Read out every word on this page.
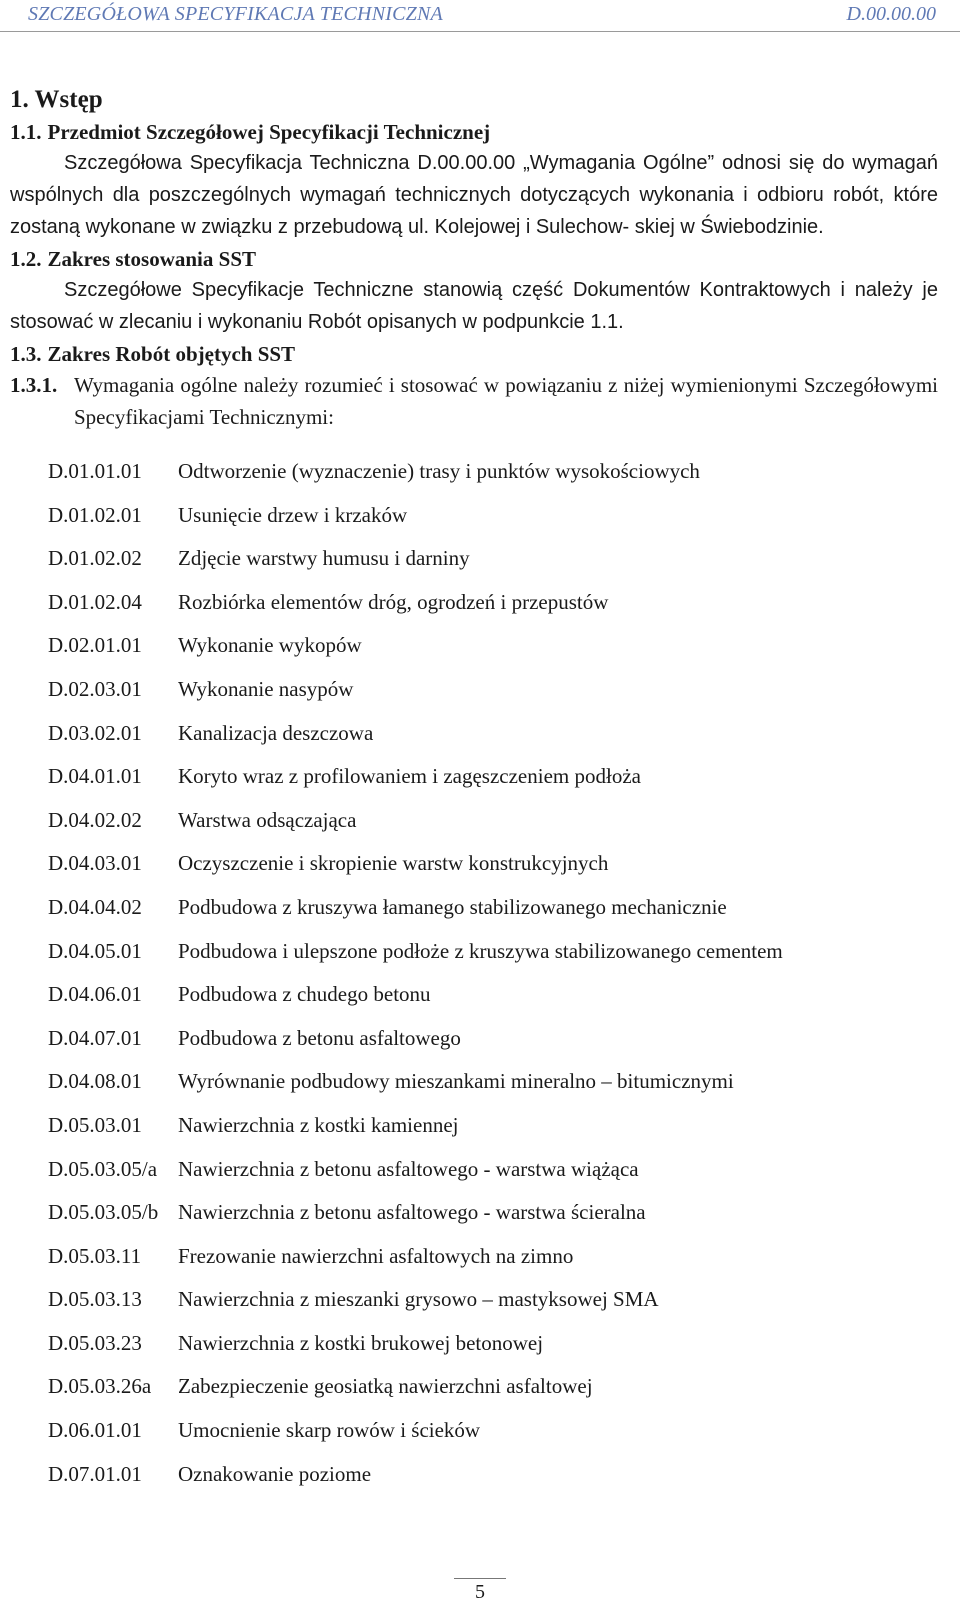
SZCZEGÓŁOWA SPECYFIKACJA TECHNICZNA	D.00.00.00
1. Wstęp
1.1. Przedmiot Szczegółowej Specyfikacji Technicznej

Szczegółowa Specyfikacja Techniczna D.00.00.00 „Wymagania Ogólne” odnosi się do wymagań wspólnych dla poszczególnych wymagań technicznych dotyczących wykonania i odbioru robót, które zostaną wykonane w związku z przebudową ul. Kolejowej i Sulechow- skiej w Świebodzinie.

1.2. Zakres stosowania SST

Szczegółowe Specyfikacje Techniczne stanowią część Dokumentów Kontraktowych i należy je stosować w zlecaniu i wykonaniu Robót opisanych w podpunkcie 1.1.

1.3. Zakres Robót objętych SST
1.3.1. Wymagania ogólne należy rozumieć i stosować w powiązaniu z niżej wymienionymi Szczegółowymi Specyfikacjami Technicznymi:
D.01.01.01 Odtworzenie (wyznaczenie) trasy i punktów wysokościowych
D.01.02.01 Usunięcie drzew i krzaków
D.01.02.02 Zdjęcie warstwy humusu i darniny
D.01.02.04 Rozbiórka elementów dróg, ogrodzeń i przepustów
D.02.01.01 Wykonanie wykopów
D.02.03.01 Wykonanie nasypów
D.03.02.01 Kanalizacja deszczowa
D.04.01.01 Koryto wraz z profilowaniem i zagęszczeniem podłoża
D.04.02.02 Warstwa odsączająca
D.04.03.01 Oczyszczenie i skropienie warstw konstrukcyjnych
D.04.04.02 Podbudowa z kruszywa łamanego stabilizowanego mechanicznie
D.04.05.01 Podbudowa i ulepszone podłoże z kruszywa stabilizowanego cementem
D.04.06.01 Podbudowa z chudego betonu
D.04.07.01 Podbudowa z betonu asfaltowego
D.04.08.01 Wyrównanie podbudowy mieszankami mineralno – bitumicznymi
D.05.03.01 Nawierzchnia z kostki kamiennej
D.05.03.05/a Nawierzchnia z betonu asfaltowego - warstwa wiążąca
D.05.03.05/b Nawierzchnia z betonu asfaltowego - warstwa ścieralna
D.05.03.11 Frezowanie nawierzchni asfaltowych na zimno
D.05.03.13 Nawierzchnia z mieszanki grysowo – mastyksowej SMA
D.05.03.23 Nawierzchnia z kostki brukowej betonowej
D.05.03.26a Zabezpieczenie geosiatką nawierzchni asfaltowej
D.06.01.01 Umocnienie skarp rowów i ścieków
D.07.01.01 Oznakowanie poziome
5
